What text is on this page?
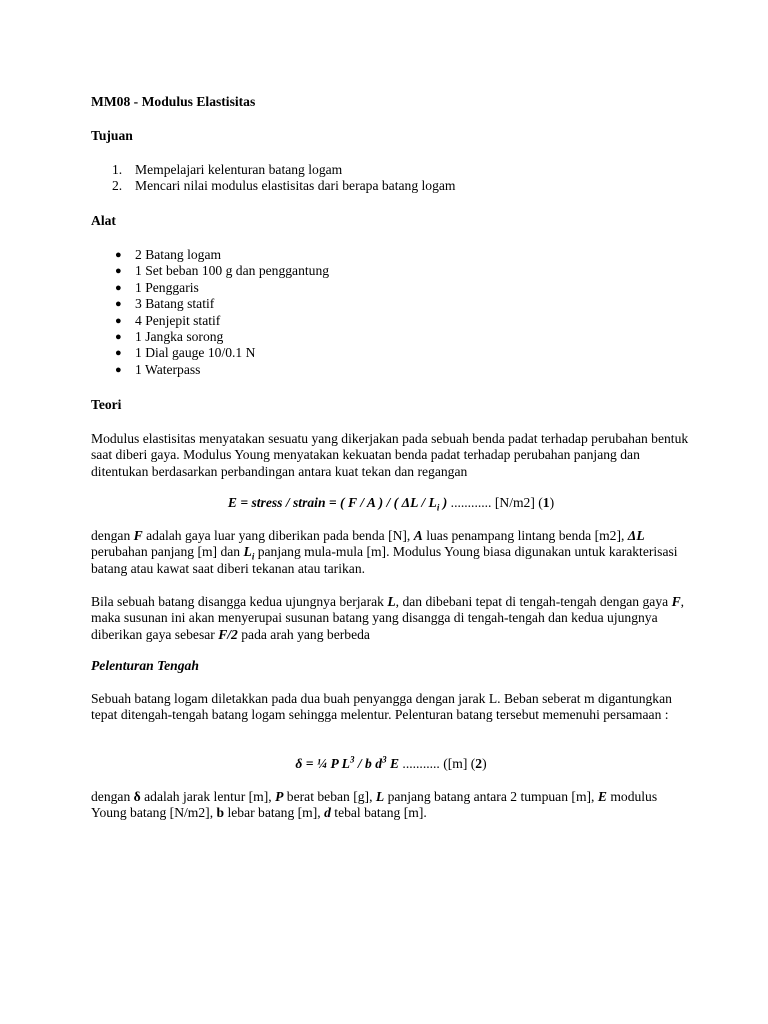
MM08 - Modulus Elastisitas
Tujuan
1. Mempelajari kelenturan batang logam
2. Mencari nilai modulus elastisitas dari berapa batang logam
Alat
● 2 Batang logam
● 1 Set beban 100 g dan penggantung
● 1 Penggaris
● 3 Batang statif
● 4 Penjepit statif
● 1 Jangka sorong
● 1 Dial gauge 10/0.1 N
● 1 Waterpass
Teori

Modulus elastisitas menyatakan sesuatu yang dikerjakan pada sebuah benda padat terhadap perubahan bentuk saat diberi gaya. Modulus Young menyatakan kekuatan benda padat terhadap perubahan panjang dan ditentukan berdasarkan perbandingan antara kuat tekan dan regangan

E = stress / strain = ( F / A ) / ( ΔL / $L_i$ ) ............ [N/m2] (1)

dengan F adalah gaya luar yang diberikan pada benda [N], A luas penampang lintang benda [m2], ΔL perubahan panjang [m] dan $L_i$ panjang mula-mula [m]. Modulus Young biasa digunakan untuk karakterisasi batang atau kawat saat diberi tekanan atau tarikan.

Bila sebuah batang disangga kedua ujungnya berjarak L, dan dibebani tepat di tengah-tengah dengan gaya F, maka susunan ini akan menyerupai susunan batang yang disangga di tengah-tengah dan kedua ujungnya diberikan gaya sebesar F/2 pada arah yang berbeda

Pelenturan Tengah

Sebuah batang logam diletakkan pada dua buah penyangga dengan jarak L. Beban seberat m digantungkan tepat ditengah-tengah batang logam sehingga melentur. Pelenturan batang tersebut memenuhi persamaan :

δ = ¼ P $L^3$ / b $d^3$ E ........... ([m] (2)

dengan δ adalah jarak lentur [m], P berat beban [g], L panjang batang antara 2 tumpuan [m], E modulus Young batang [N/m2], b lebar batang [m], d tebal batang [m].
